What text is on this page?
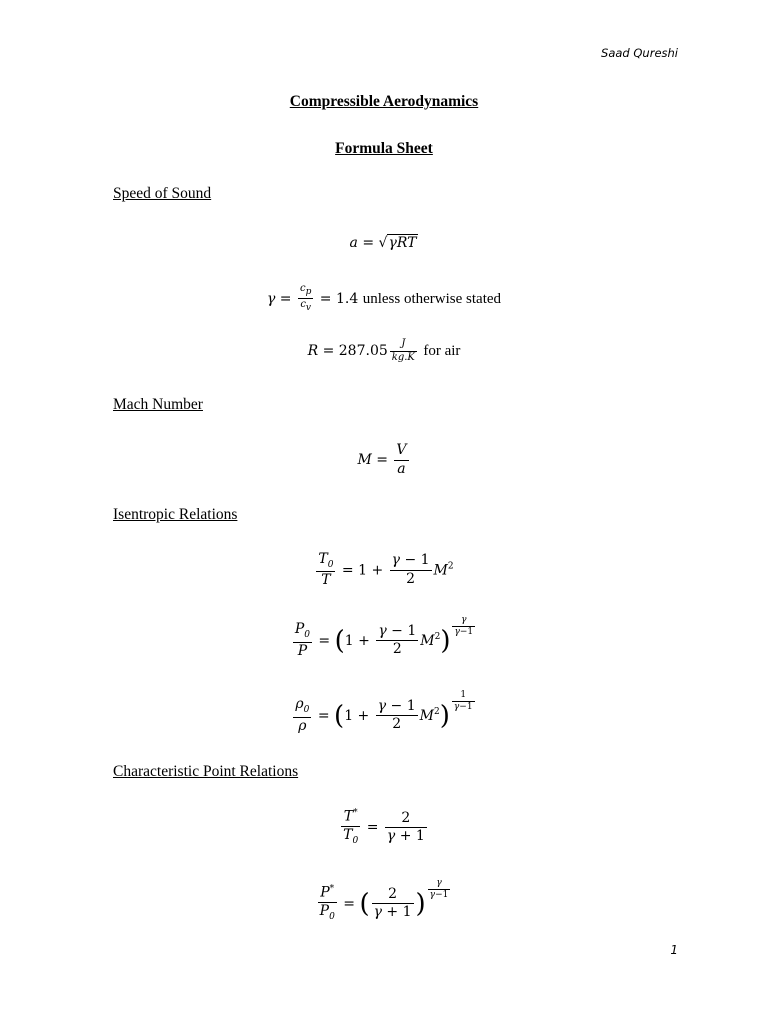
Saad Qureshi
Compressible Aerodynamics
Formula Sheet
Speed of Sound
a = √γRT
$\gamma = \frac{c_p}{c_v} = 1.4$ unless otherwise stated
$R = 287.05 \frac{J}{kg.K}$ for air
Mach Number
$M = \frac{V}{a}$
Isentropic Relations
$\frac{T_0}{T} = 1 + \frac{\gamma - 1}{2} M^2$
$\frac{P_0}{P} = (1 + \frac{\gamma - 1}{2} M^2) \frac{\gamma}{\gamma-1}$
$\frac{\rho_0}{\rho} = (1 + \frac{\gamma - 1}{2} M^2) \frac{1}{\gamma-1}$
Characteristic Point Relations
$\frac{T^*}{T_0} = \frac{2}{\gamma + 1}$
$\frac{P^*}{P_0}$ = ( $\frac{2}{\gamma + 1}$ ) $\frac{\gamma}{\gamma-1}$
1
